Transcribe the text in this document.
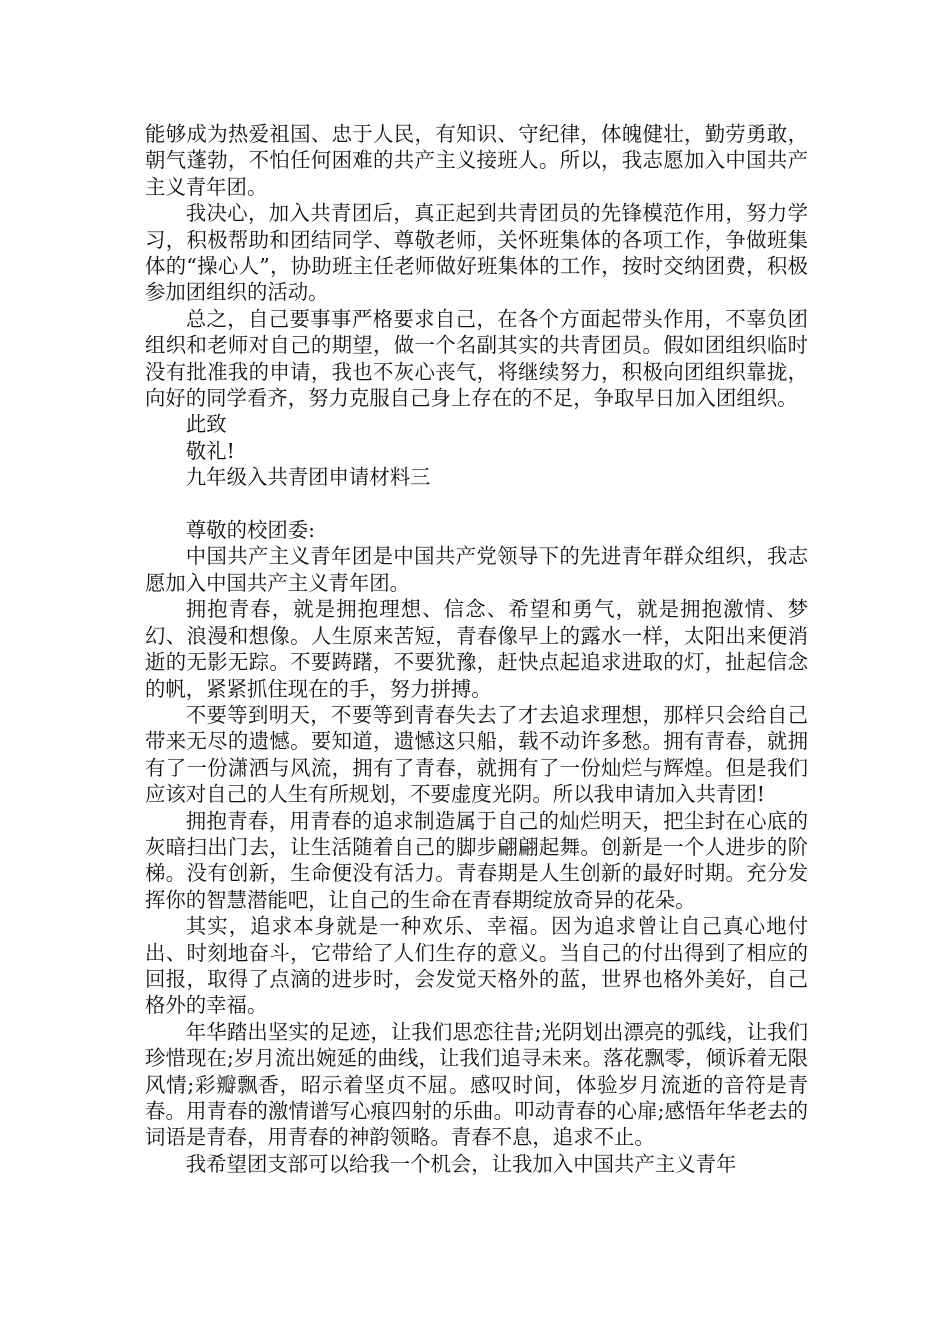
能够成为热爱祖国、忠于人民，有知识、守纪律，体魄健壮，勤劳勇敢，朝气蓬勃，不怕任何困难的共产主义接班人。所以，我志愿加入中国共产主义青年团。

我决心，加入共青团后，真正起到共青团员的先锋模范作用，努力学习，积极帮助和团结同学、尊敬老师，关怀班集体的各项工作，争做班集体的“操心人”，协助班主任老师做好班集体的工作，按时交纳团费，积极参加团组织的活动。

总之，自己要事事严格要求自己，在各个方面起带头作用，不辜负团组织和老师对自己的期望，做一个名副其实的共青团员。假如团组织临时没有批准我的申请，我也不灰心丧气，将继续努力，积极向团组织靠拢，向好的同学看齐，努力克服自己身上存在的不足，争取早日加入团组织。

此致

敬礼!

九年级入共青团申请材料三

尊敬的校团委:

中国共产主义青年团是中国共产党领导下的先进青年群众组织，我志愿加入中国共产主义青年团。

拥抱青春，就是拥抱理想、信念、希望和勇气，就是拥抱激情、梦幻、浪漫和想像。人生原来苦短，青春像早上的露水一样，太阳出来便消逝的无影无踪。不要踌躇，不要犹豫，赶快点起追求进取的灯，扯起信念的帆，紧紧抓住现在的手，努力拼搏。

不要等到明天，不要等到青春失去了才去追求理想，那样只会给自己带来无尽的遗憾。要知道，遗憾这只船，载不动许多愁。拥有青春，就拥有了一份潇洒与风流，拥有了青春，就拥有了一份灿烂与辉煌。但是我们应该对自己的人生有所规划，不要虚度光阴。所以我申请加入共青团!

拥抱青春，用青春的追求制造属于自己的灿烂明天，把尘封在心底的灰暗扫出门去，让生活随着自己的脚步翩翩起舞。创新是一个人进步的阶梯。没有创新，生命便没有活力。青春期是人生创新的最好时期。充分发挥你的智慧潜能吧，让自己的生命在青春期绽放奇异的花朵。

其实，追求本身就是一种欢乐、幸福。因为追求曾让自己真心地付出、时刻地奋斗，它带给了人们生存的意义。当自己的付出得到了相应的回报，取得了点滴的进步时，会发觉天格外的蓝，世界也格外美好，自己格外的幸福。

年华踏出坚实的足迹，让我们思恋往昔;光阴划出漂亮的弧线，让我们珍惜现在;岁月流出婉延的曲线，让我们追寻未来。落花飘零，倾诉着无限风情;彩瓣飘香，昭示着坚贞不屈。感叹时间，体验岁月流逝的音符是青春。用青春的激情谱写心痕四射的乐曲。叩动青春的心扉;感悟年华老去的词语是青春，用青春的神韵领略。青春不息，追求不止。

我希望团支部可以给我一个机会，让我加入中国共产主义青年
